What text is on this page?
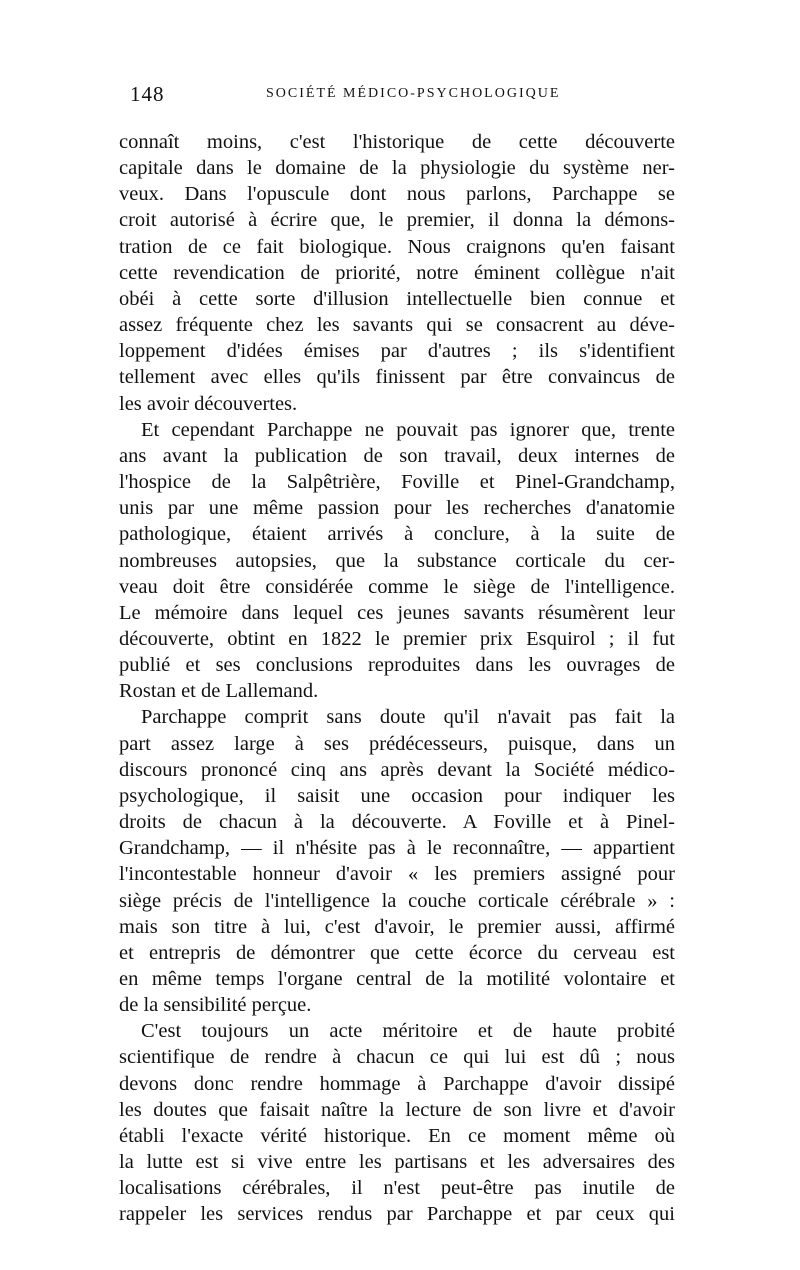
148	SOCIÉTÉ MÉDICO-PSYCHOLOGIQUE
connaît moins, c'est l'historique de cette découverte
capitale dans le domaine de la physiologie du système ner-
veux. Dans l'opuscule dont nous parlons, Parchappe se
croit autorisé à écrire que, le premier, il donna la démons-
tration de ce fait biologique. Nous craignons qu'en faisant
cette revendication de priorité, notre éminent collègue n'ait
obéi à cette sorte d'illusion intellectuelle bien connue et
assez fréquente chez les savants qui se consacrent au déve-
loppement d'idées émises par d'autres ; ils s'identifient
tellement avec elles qu'ils finissent par être convaincus de
les avoir découvertes.
Et cependant Parchappe ne pouvait pas ignorer que, trente
ans avant la publication de son travail, deux internes de
l'hospice de la Salpêtrière, Foville et Pinel-Grandchamp,
unis par une même passion pour les recherches d'anatomie
pathologique, étaient arrivés à conclure, à la suite de
nombreuses autopsies, que la substance corticale du cer-
veau doit être considérée comme le siège de l'intelligence.
Le mémoire dans lequel ces jeunes savants résumèrent leur
découverte, obtint en 1822 le premier prix Esquirol ; il fut
publié et ses conclusions reproduites dans les ouvrages de
Rostan et de Lallemand.
Parchappe comprit sans doute qu'il n'avait pas fait la
part assez large à ses prédécesseurs, puisque, dans un
discours prononcé cinq ans après devant la Société médico-
psychologique, il saisit une occasion pour indiquer les
droits de chacun à la découverte. A Foville et à Pinel-
Grandchamp, — il n'hésite pas à le reconnaître, — appartient
l'incontestable honneur d'avoir « les premiers assigné pour
siège précis de l'intelligence la couche corticale cérébrale » :
mais son titre à lui, c'est d'avoir, le premier aussi, affirmé
et entrepris de démontrer que cette écorce du cerveau est
en même temps l'organe central de la motilité volontaire et
de la sensibilité perçue.
C'est toujours un acte méritoire et de haute probité
scientifique de rendre à chacun ce qui lui est dû ; nous
devons donc rendre hommage à Parchappe d'avoir dissipé
les doutes que faisait naître la lecture de son livre et d'avoir
établi l'exacte vérité historique. En ce moment même où
la lutte est si vive entre les partisans et les adversaires des
localisations cérébrales, il n'est peut-être pas inutile de
rappeler les services rendus par Parchappe et par ceux qui
